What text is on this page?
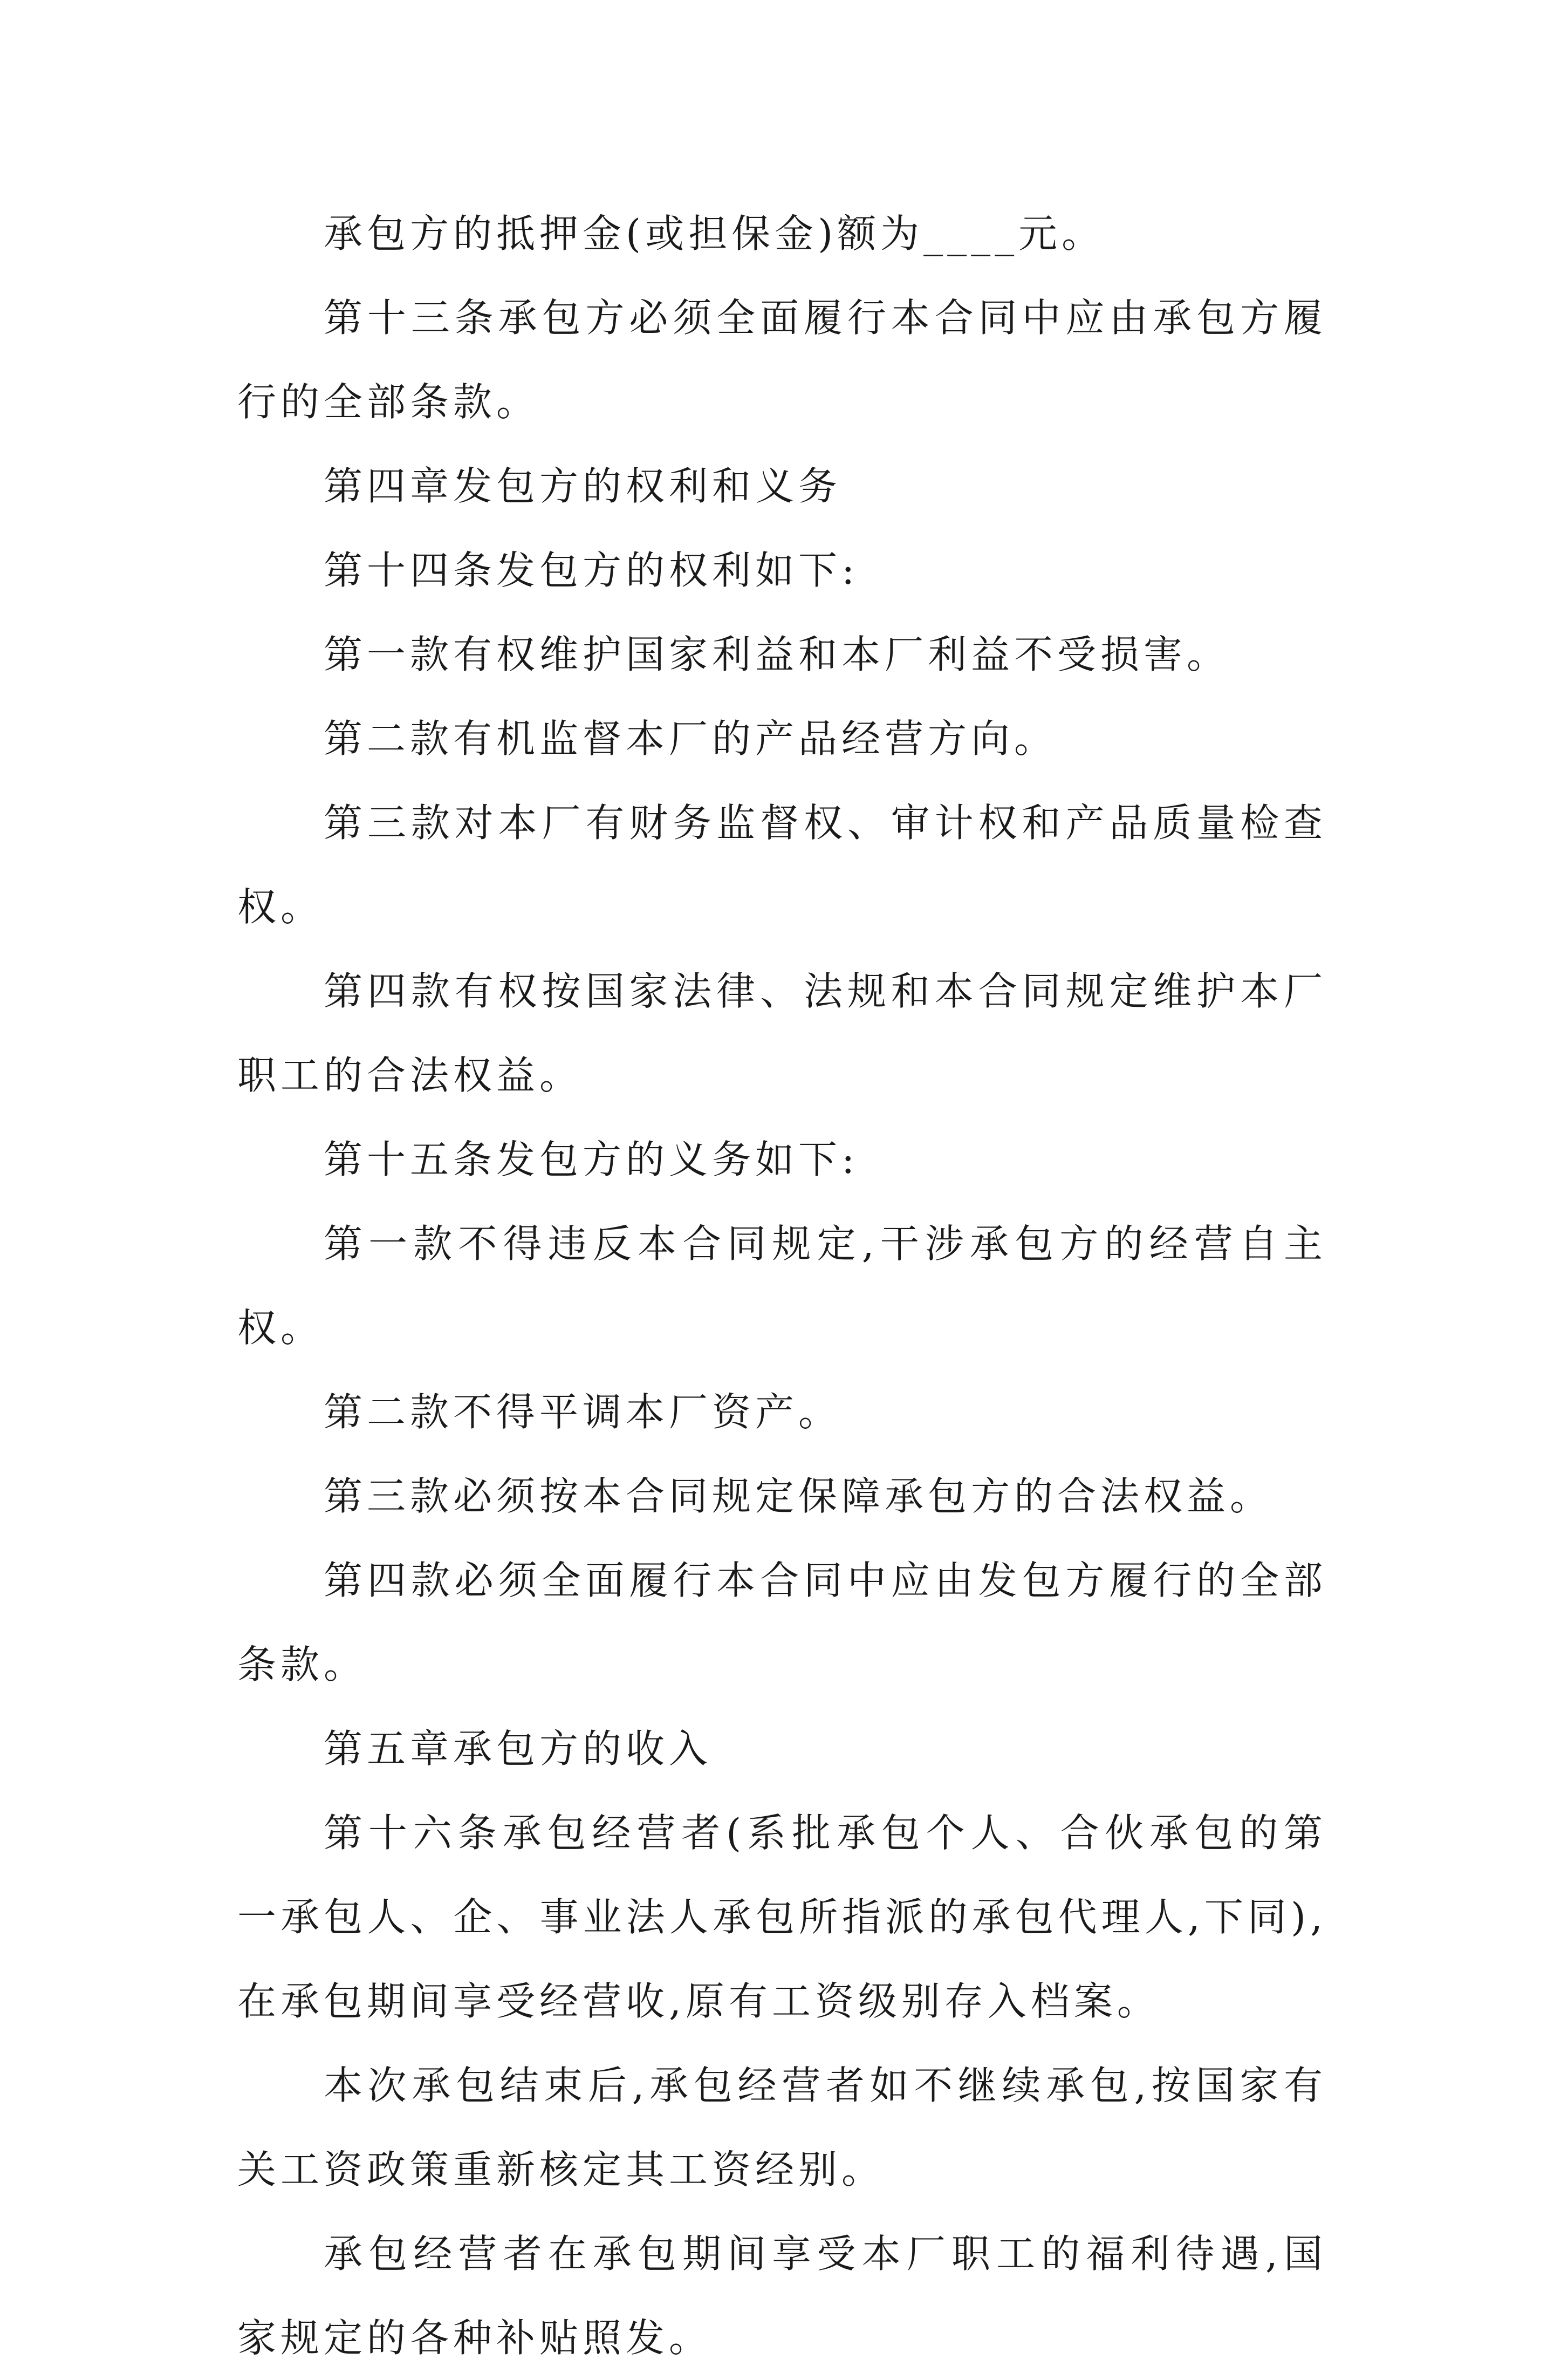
承包方的抵押金(或担保金)额为____元。

第十三条承包方必须全面履行本合同中应由承包方履行的全部条款。

第四章发包方的权利和义务

第十四条发包方的权利如下:

第一款有权维护国家利益和本厂利益不受损害。

第二款有机监督本厂的产品经营方向。

第三款对本厂有财务监督权、审计权和产品质量检查权。

第四款有权按国家法律、法规和本合同规定维护本厂职工的合法权益。

第十五条发包方的义务如下:

第一款不得违反本合同规定,干涉承包方的经营自主权。

第二款不得平调本厂资产。

第三款必须按本合同规定保障承包方的合法权益。

第四款必须全面履行本合同中应由发包方履行的全部条款。

第五章承包方的收入

第十六条承包经营者(系批承包个人、合伙承包的第一承包人、企、事业法人承包所指派的承包代理人,下同),在承包期间享受经营收,原有工资级别存入档案。

本次承包结束后,承包经营者如不继续承包,按国家有关工资政策重新核定其工资经别。

承包经营者在承包期间享受本厂职工的福利待遇,国家规定的各种补贴照发。
